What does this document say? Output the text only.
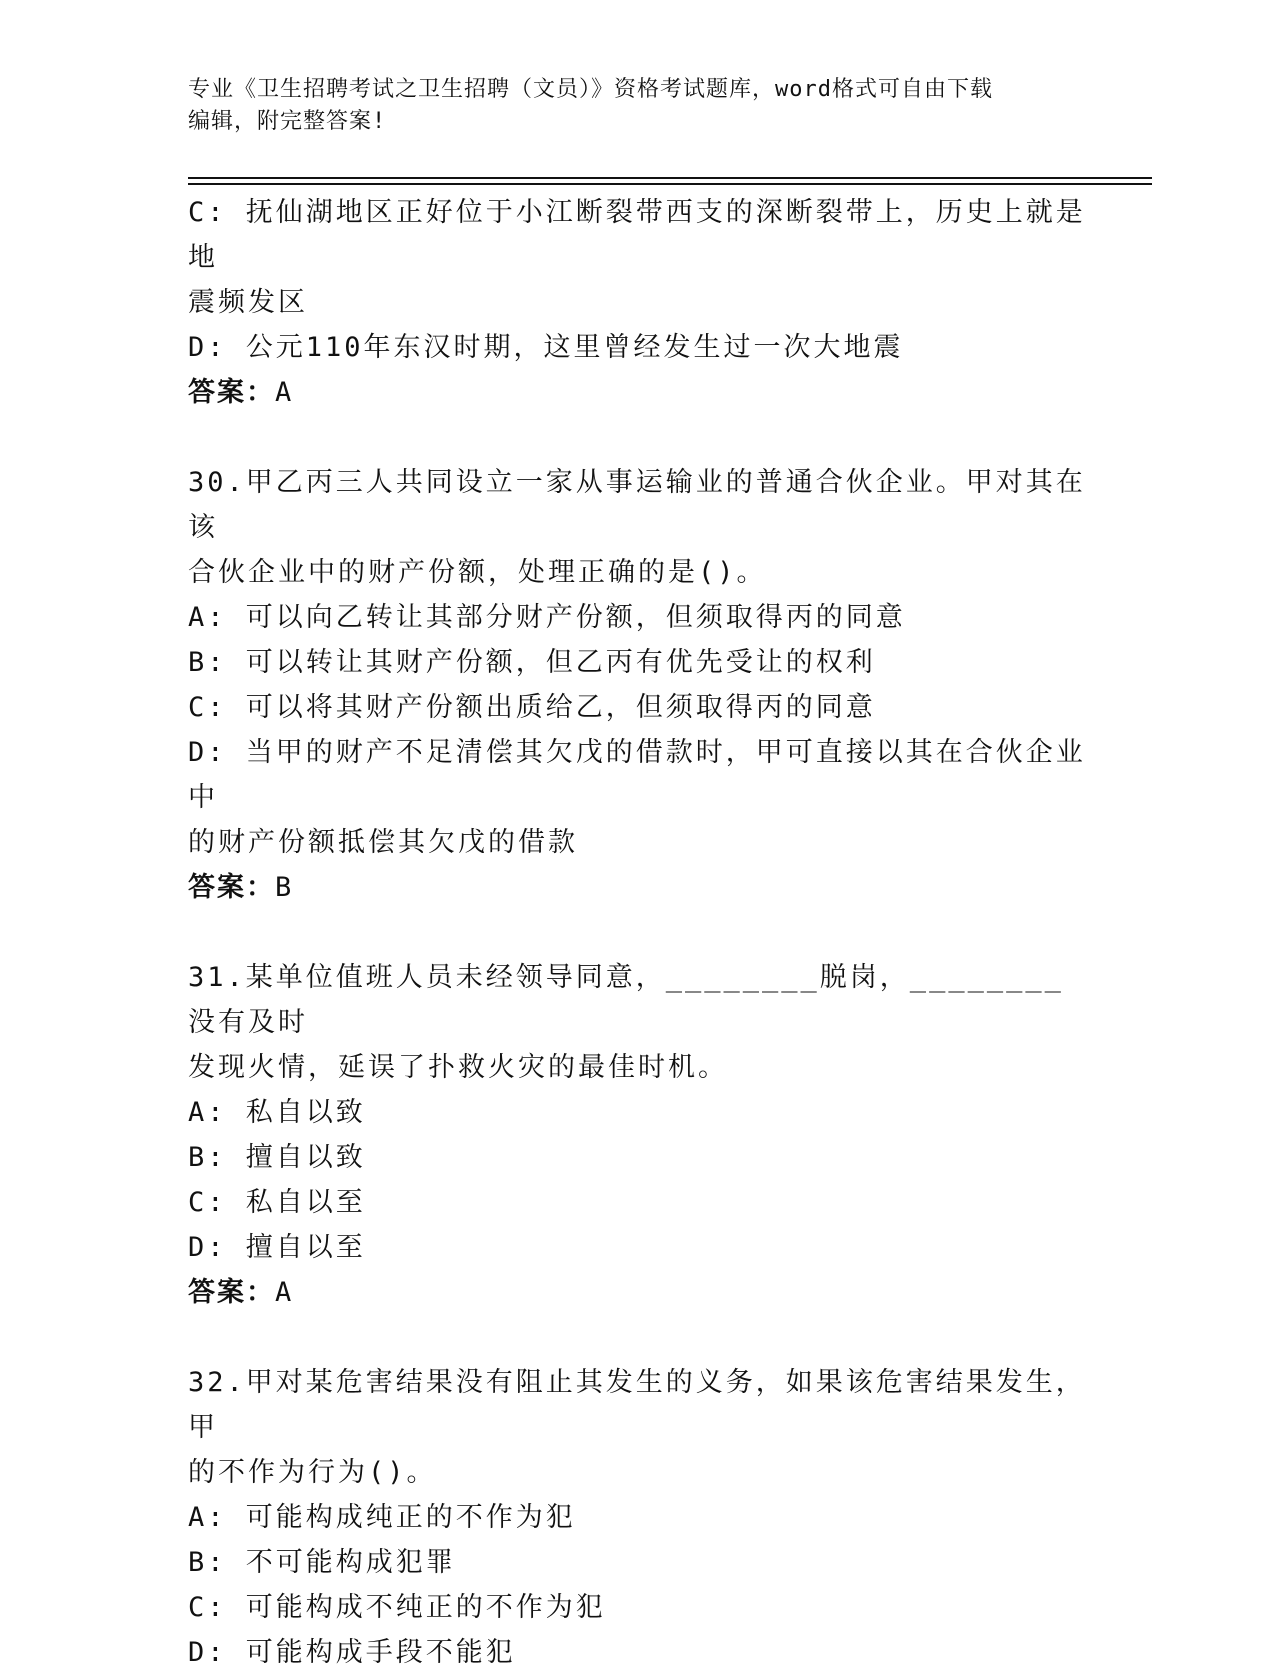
专业《卫生招聘考试之卫生招聘（文员）》资格考试题库，word格式可自由下载
编辑，附完整答案!
C: 抚仙湖地区正好位于小江断裂带西支的深断裂带上，历史上就是地
震频发区
D: 公元110年东汉时期，这里曾经发生过一次大地震
答案：A
30.甲乙丙三人共同设立一家从事运输业的普通合伙企业。甲对其在该
合伙企业中的财产份额，处理正确的是()。
A: 可以向乙转让其部分财产份额，但须取得丙的同意
B: 可以转让其财产份额，但乙丙有优先受让的权利
C: 可以将其财产份额出质给乙，但须取得丙的同意
D: 当甲的财产不足清偿其欠戊的借款时，甲可直接以其在合伙企业中
的财产份额抵偿其欠戊的借款
答案：B
31.某单位值班人员未经领导同意，________脱岗，________没有及时
发现火情，延误了扑救火灾的最佳时机。
A: 私自以致
B: 擅自以致
C: 私自以至
D: 擅自以至
答案：A
32.甲对某危害结果没有阻止其发生的义务，如果该危害结果发生，甲
的不作为行为()。
A: 可能构成纯正的不作为犯
B: 不可能构成犯罪
C: 可能构成不纯正的不作为犯
D: 可能构成手段不能犯
